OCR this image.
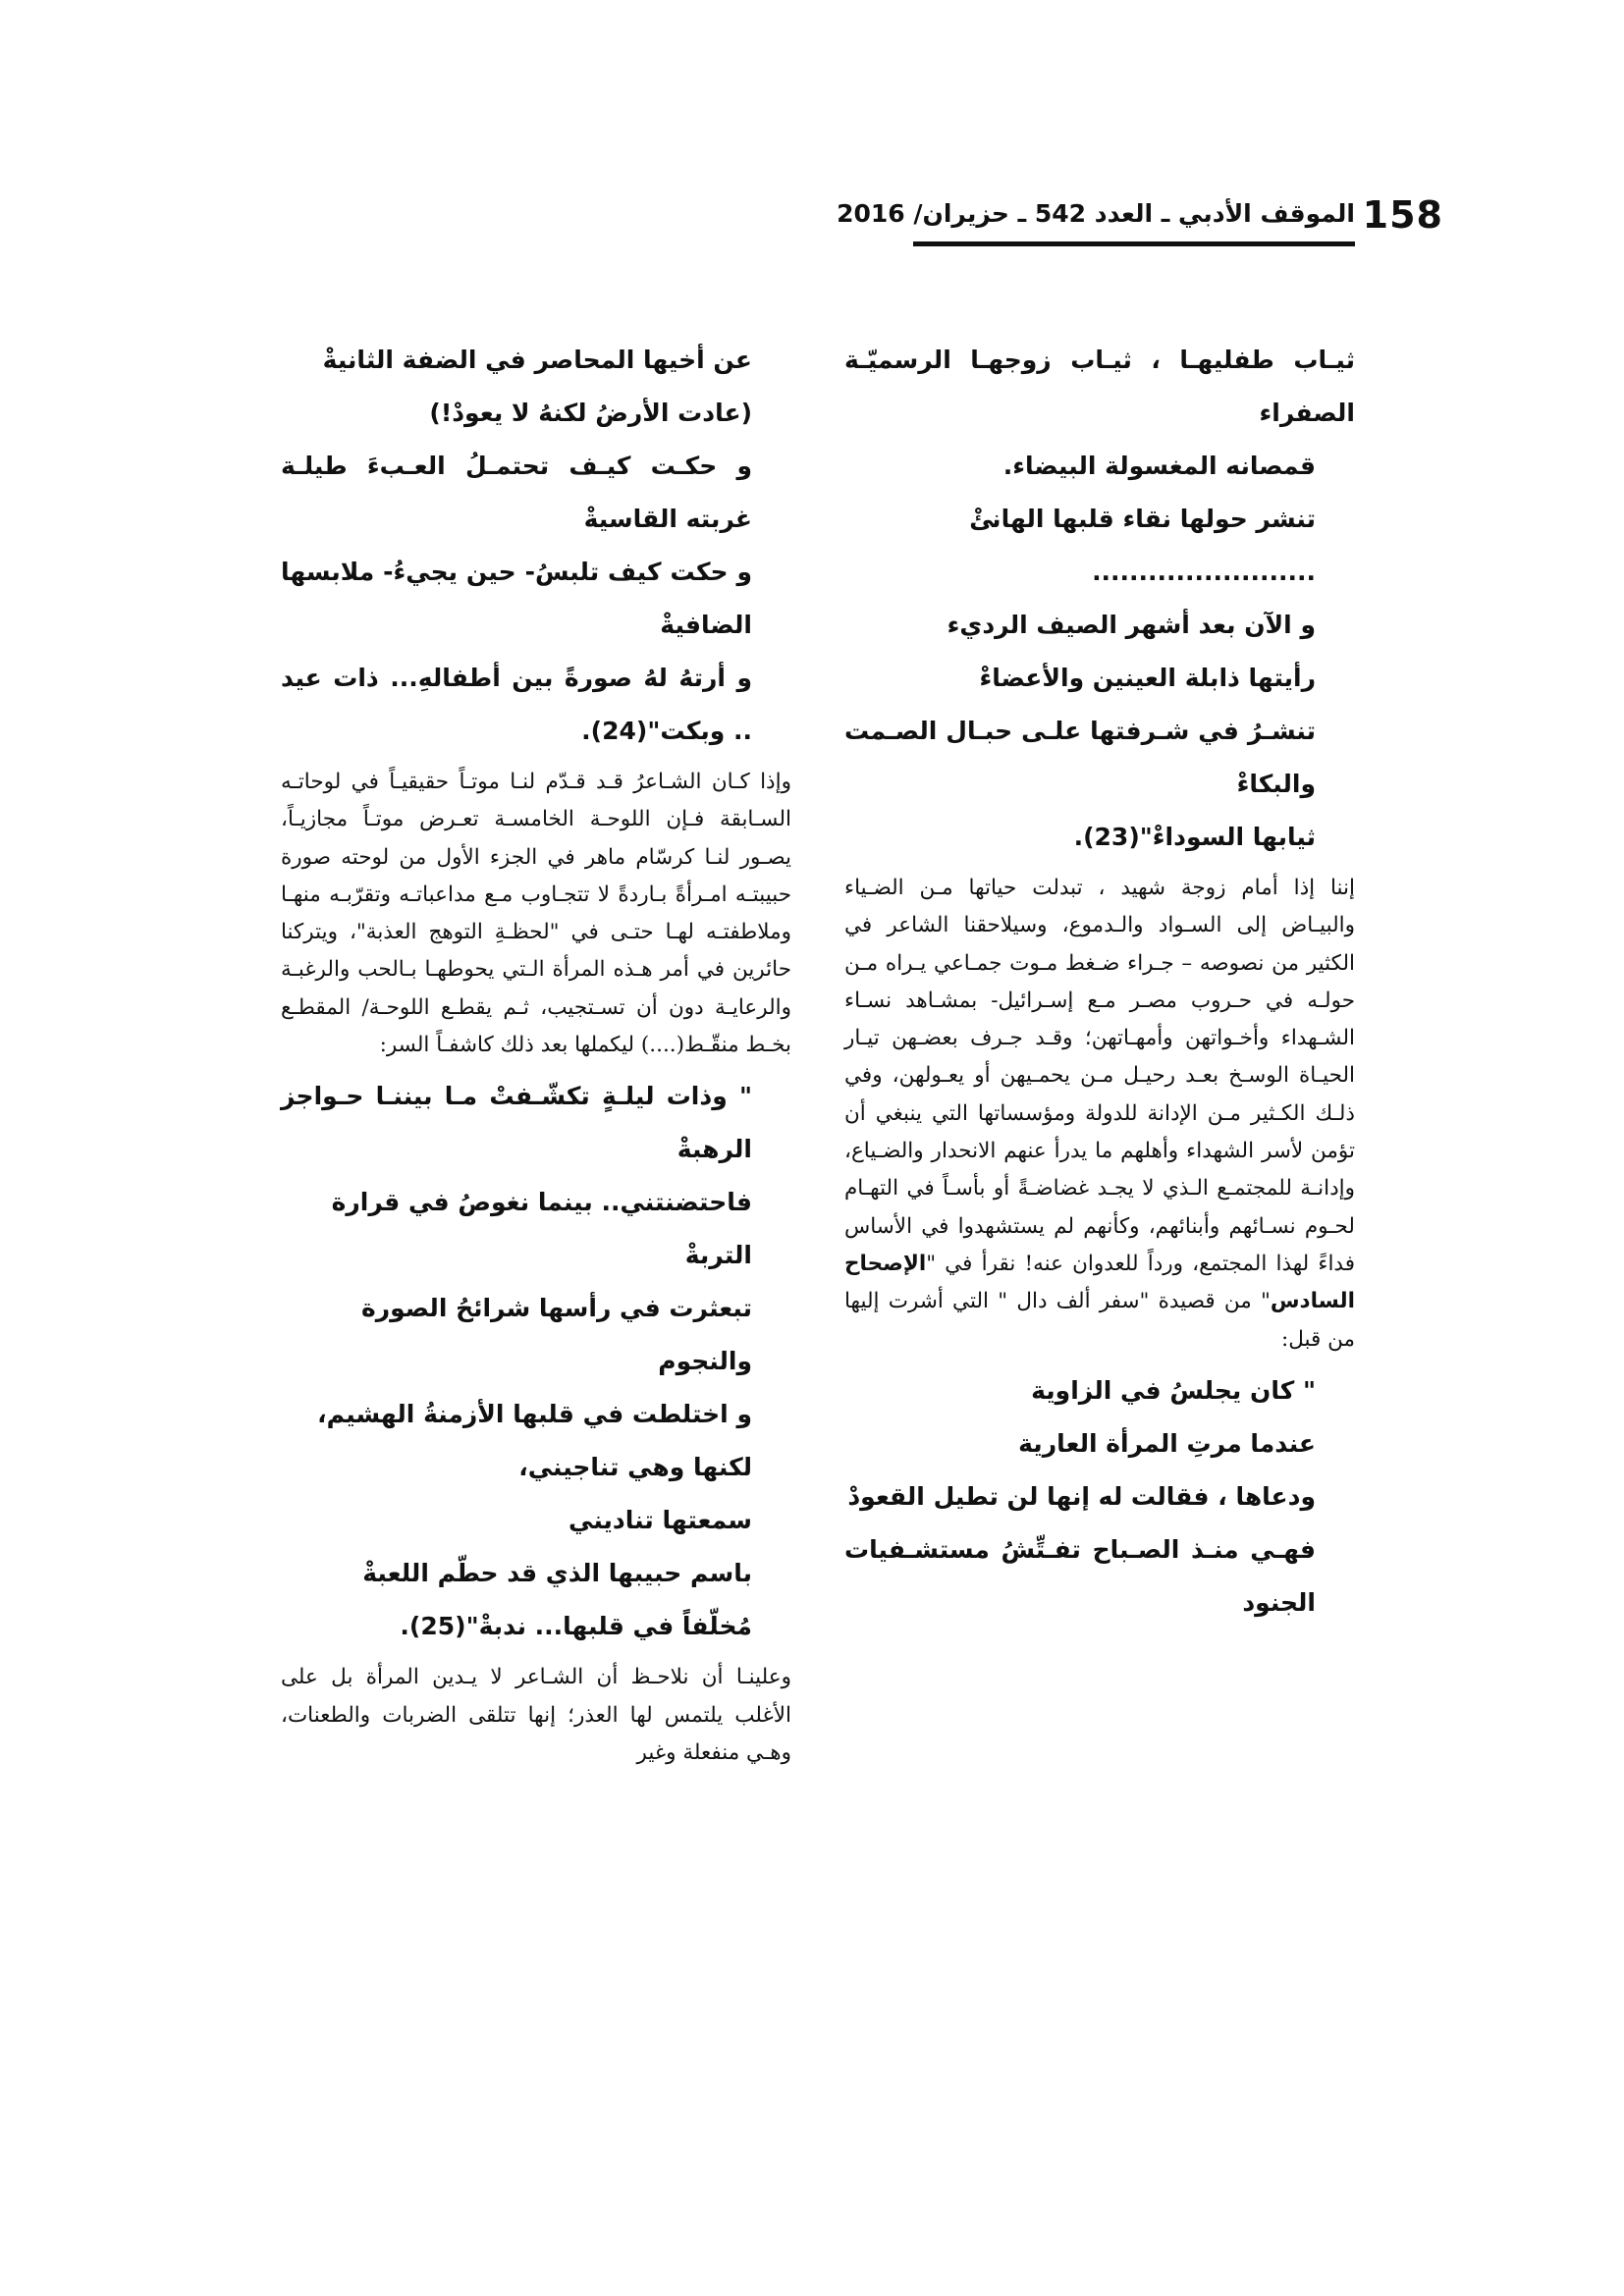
158
الموقف الأدبي ـ العدد 542 ـ حزيران/ 2016

ثيـاب طفليهـا ، ثيـاب زوجهـا الرسميّـة الصفراء

قمصانه المغسولة البيضاء.

تنشر حولها نقاء قلبها الهانئْ

........................

و الآن بعد أشهر الصيف الرديء

رأيتها ذابلة العينين والأعضاءْ

تنشـرُ في شـرفتها علـى حبـال الصـمت والبكاءْ

ثيابها السوداءْ"(23).

إننا إذا أمام زوجة شهيد ، تبدلت حياتها مـن الضـياء والبيـاض إلى السـواد والـدموع، وسيلاحقنا الشاعر في الكثير من نصوصه – جـراء ضـغط مـوت جمـاعي يـراه مـن حولـه في حـروب مصـر مـع إسـرائيل- بمشـاهد نسـاء الشـهداء وأخـواتهن وأمهـاتهن؛ وقـد جـرف بعضـهن تيـار الحيـاة الوسـخ بعـد رحيـل مـن يحمـيهن أو يعـولهن، وفي ذلـك الكـثير مـن الإدانة للدولة ومؤسساتها التي ينبغي أن تؤمن لأسر الشهداء وأهلهم ما يدرأ عنهم الانحدار والضـياع، وإدانـة للمجتمـع الـذي لا يجـد غضاضـةً أو بأسـاً في التهـام لحـوم نسـائهم وأبنائهم، وكأنهم لم يستشهدوا في الأساس فداءً لهذا المجتمع، ورداً للعدوان عنه! نقرأ في "الإصحاح السادس" من قصيدة "سفر ألف دال " التي أشرت إليها من قبل:

" كان يجلسُ في الزاوية

عندما مرتِ المرأة العارية

ودعاها ، فقالت له إنها لن تطيل القعودْ

فهـي منـذ الصـباح تفـتِّشُ مستشـفيات الجنود

عن أخيها المحاصر في الضفة الثانيةْ

(عادت الأرضُ لكنهُ لا يعودْ!)

و حكـت كيـف تحتمـلُ العـبءَ طيلـة غربته القاسيةْ

و حكت كيف تلبسُ- حين يجيءُ- ملابسها الضافيةْ

و أرتهُ لهُ صورةً بين أطفالهِ... ذات عيد .. وبكت"(24).

وإذا كـان الشـاعرُ قـد قـدّم لنـا موتـاً حقيقيـاً في لوحاتـه السـابقة فـإن اللوحـة الخامسـة تعـرض موتـاً مجازيـاً، يصـور لنـا كرسّام ماهر في الجزء الأول من لوحته صورة حبيبتـه امـرأةً بـاردةً لا تتجـاوب مـع مداعباتـه وتقرّبـه منهـا وملاطفتـه لهـا حتـى في "لحظـةِ التوهج العذبة"، ويتركنا حائرين في أمر هـذه المرأة الـتي يحوطهـا بـالحب والرغبـة والرعايـة دون أن تسـتجيب، ثـم يقطـع اللوحـة/ المقطـع بخـط منقّـط(....) ليكملها بعد ذلك كاشفـاً السر:

" وذات ليلـةٍ تكشّـفتْ مـا بيننـا حـواجز الرهبةْ

فاحتضنتني.. بينما نغوصُ في قرارة التربةْ

تبعثرت في رأسها شرائحُ الصورة والنجوم

و اختلطت في قلبها الأزمنةُ الهشيم،

لكنها وهي تناجيني،

سمعتها تناديني

باسم حبيبها الذي قد حطّم اللعبةْ

مُخلّفاً في قلبها... ندبةْ"(25).

وعلينـا أن نلاحـظ أن الشـاعر لا يـدين المرأة بل على الأغلب يلتمس لها العذر؛ إنها تتلقى الضربات والطعنات، وهـي منفعلة وغير
